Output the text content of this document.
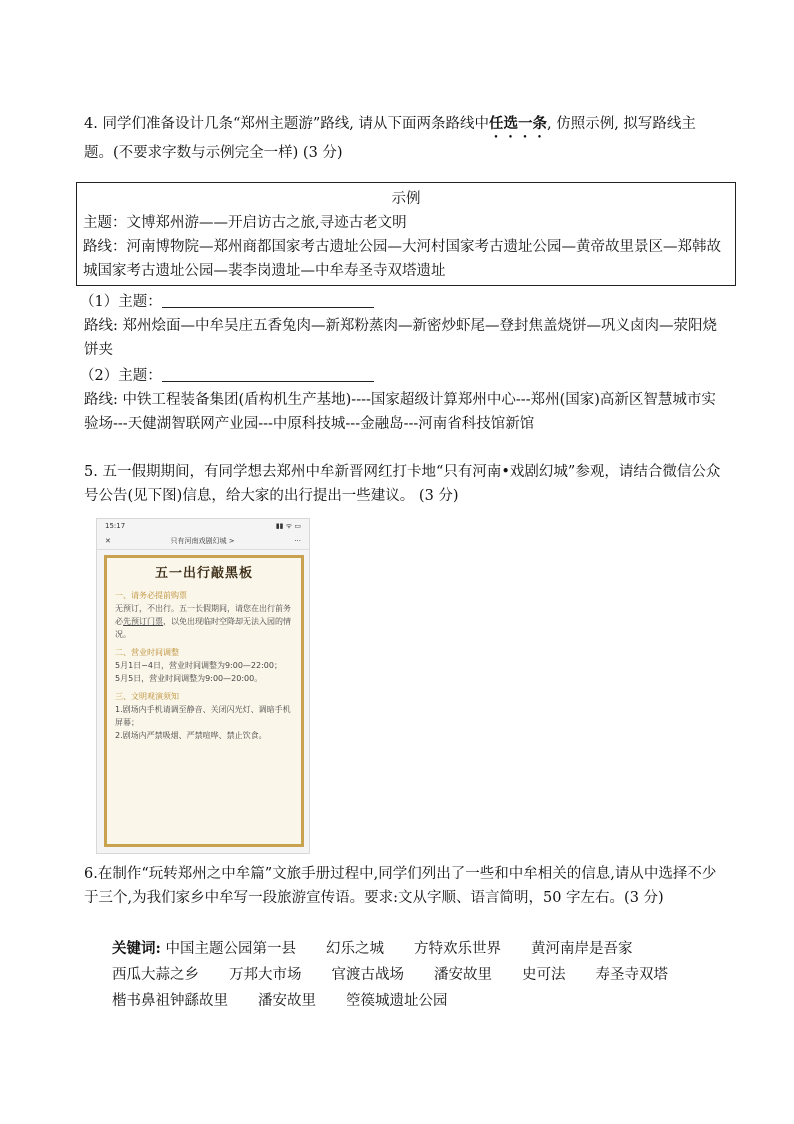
4. 同学们准备设计几条“郑州主题游”路线, 请从下面两条路线中任选一条, 仿照示例, 拟写路线主题。(不要求字数与示例完全一样) (3 分)
示例
主题：文博郑州游——开启访古之旅,寻迹古老文明
路线：河南博物院—郑州商都国家考古遗址公园—大河村国家考古遗址公园—黄帝故里景区—郑韩故城国家考古遗址公园—裴李岗遗址—中牟寿圣寺双塔遗址
（1）主题：
路线: 郑州烩面—中牟吴庄五香兔肉—新郑粉蒸肉—新密炒虾尾—登封焦盖烧饼—巩义卤肉—荥阳烧饼夹
（2）主题：
路线: 中铁工程装备集团(盾构机生产基地)----国家超级计算郑州中心---郑州(国家)高新区智慧城市实验场---天健湖智联网产业园---中原科技城---金融岛---河南省科技馆新馆
5. 五一假期期间，有同学想去郑州中牟新晋网红打卡地“只有河南•戏剧幻城”参观，请结合微信公众号公告(见下图)信息，给大家的出行提出一些建议。 (3 分)
15:17	▮▮ ᯤ ▭
✕	只有河南戏剧幻城 >	···
五一出行敲黑板
一、请务必提前购票
无预订，不出行。五一长假期间，请您在出行前务必先预订门票，以免出现临时空降却无法入园的情况。
二、营业时间调整
5月1日−4日，营业时间调整为9:00—22:00；
5月5日，营业时间调整为9:00—20:00。
三、文明观演须知
1.剧场内手机请调至静音、关闭闪光灯、调暗手机屏幕；
2.剧场内严禁吸烟、严禁喧哗、禁止饮食。
6.在制作“玩转郑州之中牟篇”文旅手册过程中,同学们列出了一些和中牟相关的信息,请从中选择不少于三个,为我们家乡中牟写一段旅游宣传语。要求:文从字顺、语言简明，50 字左右。(3 分)
关键词: 中国主题公园第一县 幻乐之城 方特欢乐世界 黄河南岸是吾家西瓜大蒜之乡 万邦大市场 官渡古战场 潘安故里 史可法 寿圣寺双塔楷书鼻祖钟繇故里 潘安故里 箜篌城遗址公园
